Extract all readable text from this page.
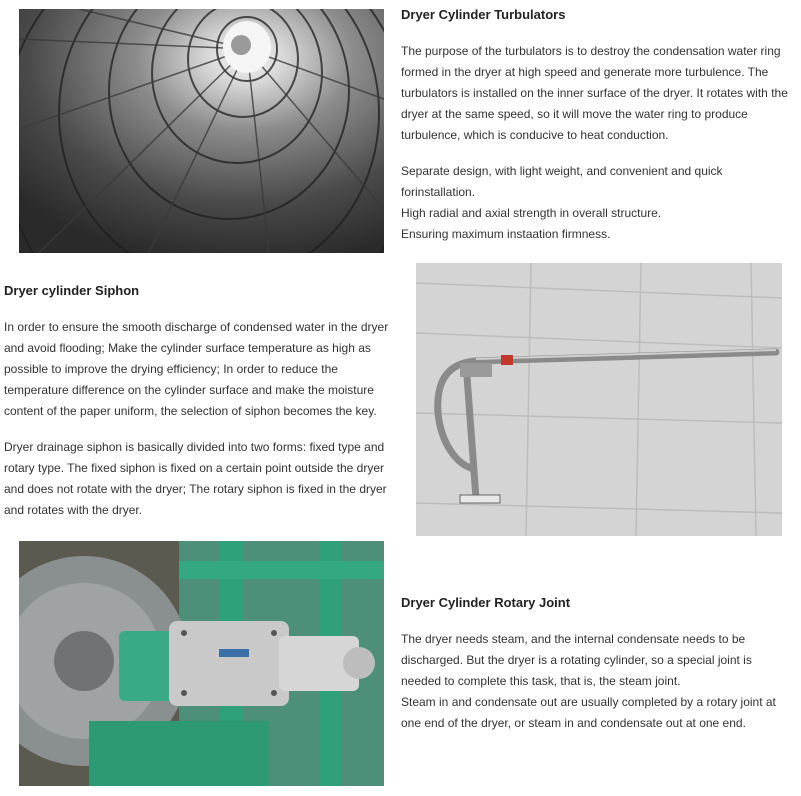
Dryer Cylinder Turbulators

The purpose of the turbulators is to destroy the condensation water ring formed in the dryer at high speed and generate more turbulence. The turbulators is installed on the inner surface of the dryer. It rotates with the dryer at the same speed, so it will move the water ring to produce turbulence, which is conducive to heat conduction.

Separate design, with light weight, and convenient and quick forinstallation.
High radial and axial strength in overall structure.
Ensuring maximum instaation firmness.

Dryer cylinder Siphon

In order to ensure the smooth discharge of condensed water in the dryer and avoid flooding; Make the cylinder surface temperature as high as possible to improve the drying efficiency; In order to reduce the temperature difference on the cylinder surface and make the moisture content of the paper uniform, the selection of siphon becomes the key.

Dryer drainage siphon is basically divided into two forms: fixed type and rotary type. The fixed siphon is fixed on a certain point outside the dryer and does not rotate with the dryer; The rotary siphon is fixed in the dryer and rotates with the dryer.

Dryer Cylinder Rotary Joint

The dryer needs steam, and the internal condensate needs to be discharged. But the dryer is a rotating cylinder, so a special joint is needed to complete this task, that is, the steam joint.
Steam in and condensate out are usually completed by a rotary joint at one end of the dryer, or steam in and condensate out at one end.
